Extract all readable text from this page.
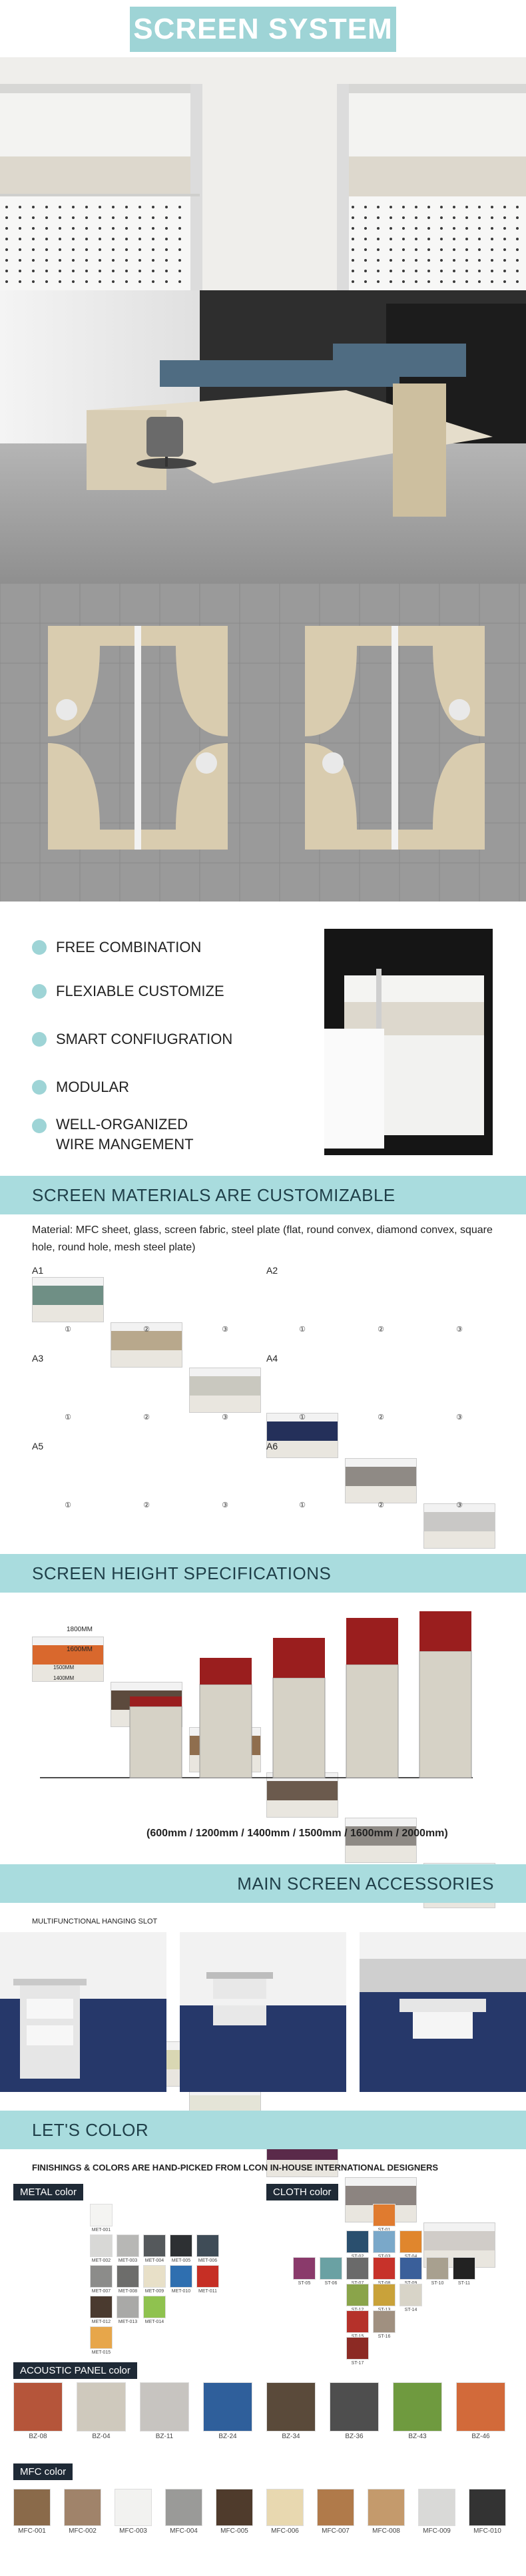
SCREEN SYSTEM
FREE COMBINATION
FLEXIABLE CUSTOMIZE
SMART CONFIUGRATION
MODULAR
WELL-ORGANIZED WIRE MANGEMENT
SCREEN MATERIALS ARE CUSTOMIZABLE
Material: MFC sheet, glass, screen fabric, steel plate (flat, round convex, diamond convex, square hole, round hole, mesh steel plate)
A1
①	②	③
A2
①	②	③
A3
①	②	③
A4
①	②	③
A5
①	②	③
A6
①	②	③
SCREEN HEIGHT SPECIFICATIONS
1800MM
1600MM
1500MM
1400MM
(600mm / 1200mm / 1400mm / 1500mm / 1600mm / 2000mm)
MAIN SCREEN ACCESSORIES
MULTIFUNCTIONAL HANGING SLOT
LET'S COLOR
FINISHINGS & COLORS ARE HAND-PICKED FROM LCON IN-HOUSE INTERNATIONAL DESIGNERS
METAL color	CLOTH color
MET-001
MET-002	MET-003	MET-004	MET-005	MET-006
MET-007	MET-008	MET-009	MET-010	MET-011
MET-012	MET-013	MET-014
MET-015
ST-05	ST-06	ST-10	ST-11
ST-14
ST-16
ST-17
ACOUSTIC PANEL color
BZ-08	BZ-04	BZ-11	BZ-24	BZ-34	BZ-36	BZ-43	BZ-46
MFC color
MFC-001	MFC-002	MFC-003	MFC-004	MFC-005	MFC-006	MFC-007	MFC-008	MFC-009	MFC-010
